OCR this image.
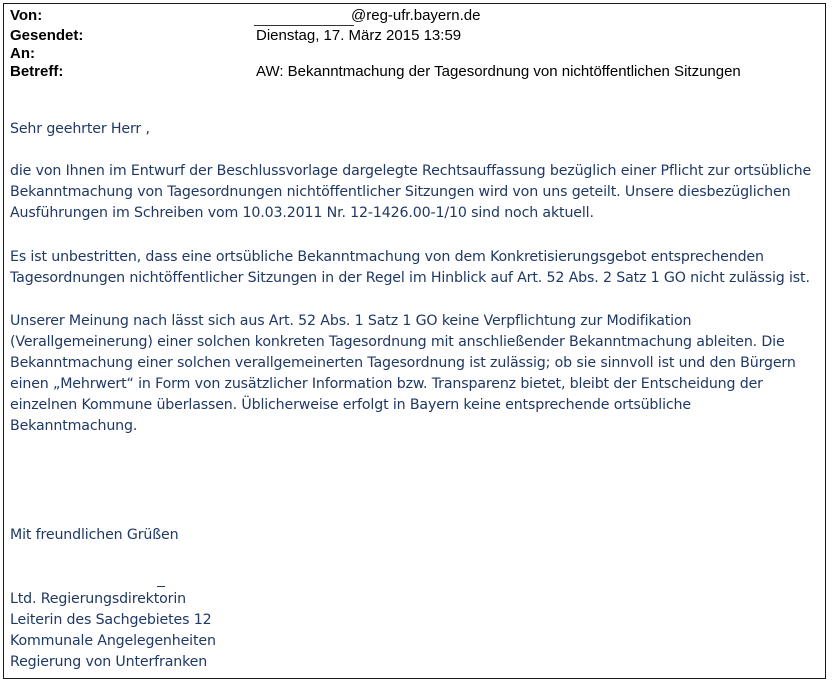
Von:	@reg-ufr.bayern.de
Gesendet:	Dienstag, 17. März 2015 13:59
An:
Betreff:	AW: Bekanntmachung der Tagesordnung von nichtöffentlichen Sitzungen
Sehr geehrter Herr ,
die von Ihnen im Entwurf der Beschlussvorlage dargelegte Rechtsauffassung bezüglich einer Pflicht zur ortsübliche
Bekanntmachung von Tagesordnungen nichtöffentlicher Sitzungen wird von uns geteilt. Unsere diesbezüglichen
Ausführungen im Schreiben vom 10.03.2011 Nr. 12-1426.00-1/10 sind noch aktuell.
Es ist unbestritten, dass eine ortsübliche Bekanntmachung von dem Konkretisierungsgebot entsprechenden
Tagesordnungen nichtöffentlicher Sitzungen in der Regel im Hinblick auf Art. 52 Abs. 2 Satz 1 GO nicht zulässig ist.
Unserer Meinung nach lässt sich aus Art. 52 Abs. 1 Satz 1 GO keine Verpflichtung zur Modifikation
(Verallgemeinerung) einer solchen konkreten Tagesordnung mit anschließender Bekanntmachung ableiten. Die
Bekanntmachung einer solchen verallgemeinerten Tagesordnung ist zulässig; ob sie sinnvoll ist und den Bürgern
einen „Mehrwert“ in Form von zusätzlicher Information bzw. Transparenz bietet, bleibt der Entscheidung der
einzelnen Kommune überlassen. Üblicherweise erfolgt in Bayern keine entsprechende ortsübliche
Bekanntmachung.
Mit freundlichen Grüßen
Ltd. Regierungsdirektorin
Leiterin des Sachgebietes 12
Kommunale Angelegenheiten
Regierung von Unterfranken
